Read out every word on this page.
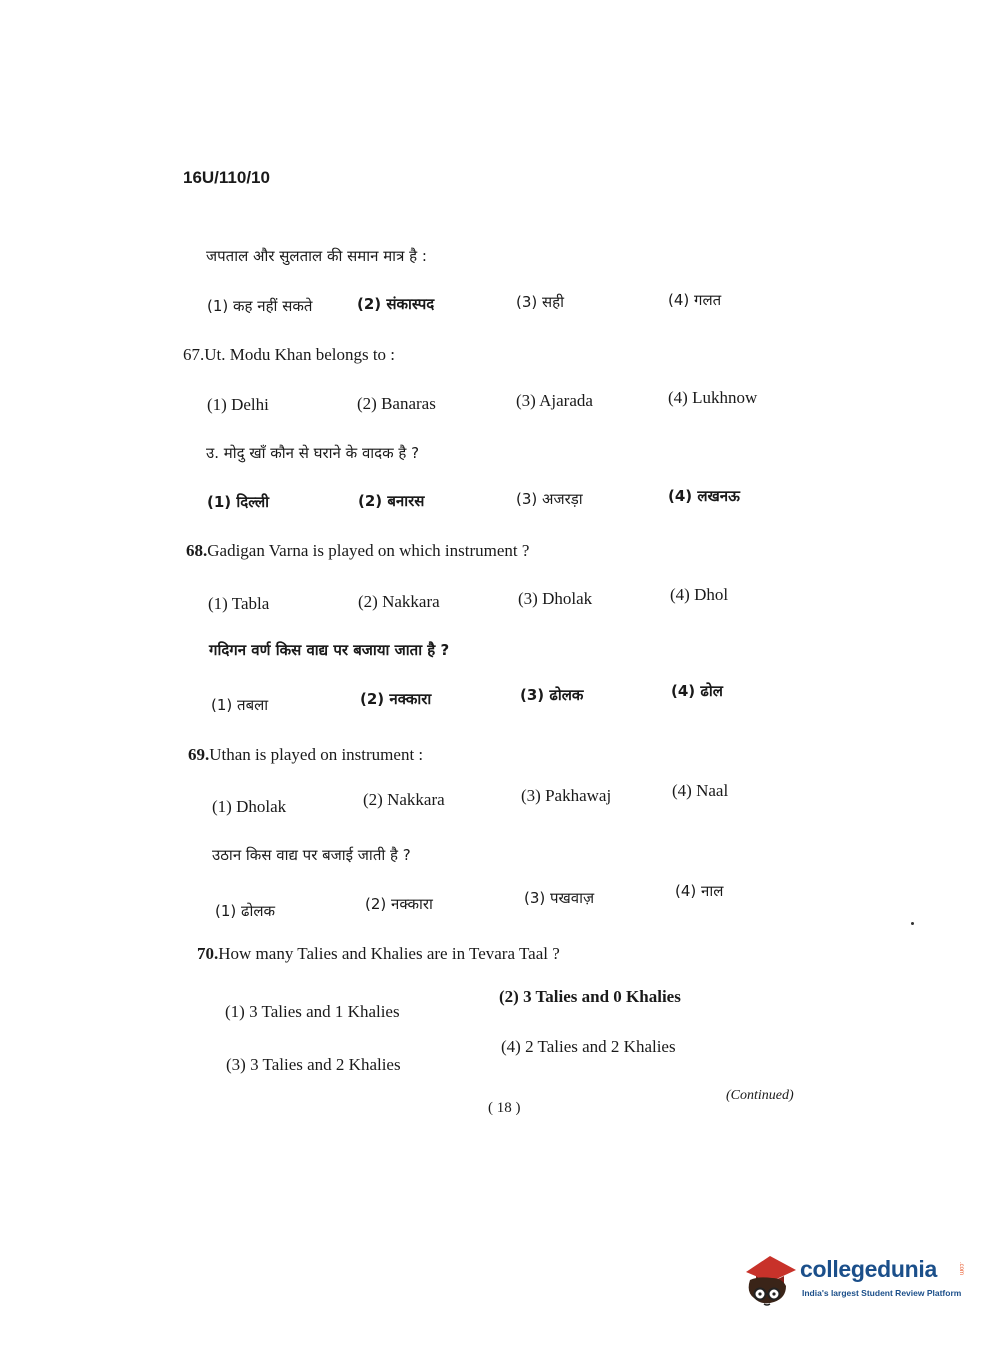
16U/110/10
जपताल और सुलताल की समान मात्र है :
(1) कह नहीं सकते	(2) संकास्पद	(3) सही	(4) गलत
67.Ut. Modu Khan belongs to :
(1) Delhi	(2) Banaras	(3) Ajarada	(4) Lukhnow
उ. मोदु खाँ कौन से घराने के वादक है ?
(1) दिल्ली	(2) बनारस	(3) अजरड़ा	(4) लखनऊ
68.Gadigan Varna is played on which instrument ?
(1) Tabla	(2) Nakkara	(3) Dholak	(4) Dhol
गदिगन वर्ण किस वाद्य पर बजाया जाता है ?
(1) तबला	(2) नक्कारा	(3) ढोलक	(4) ढोल
69.Uthan is played on instrument :
(1) Dholak	(2) Nakkara	(3) Pakhawaj	(4) Naal
उठान किस वाद्य पर बजाई जाती है ?
(1) ढोलक	(2) नक्कारा	(3) पखवाज़	(4) नाल
70.How many Talies and Khalies are in Tevara Taal ?
(1) 3 Talies and 1 Khalies
(2) 3 Talies and 0 Khalies
(3) 3 Talies and 2 Khalies
(4) 2 Talies and 2 Khalies
( 18 )
(Continued)
collegedunia	.com
India's largest Student Review Platform
